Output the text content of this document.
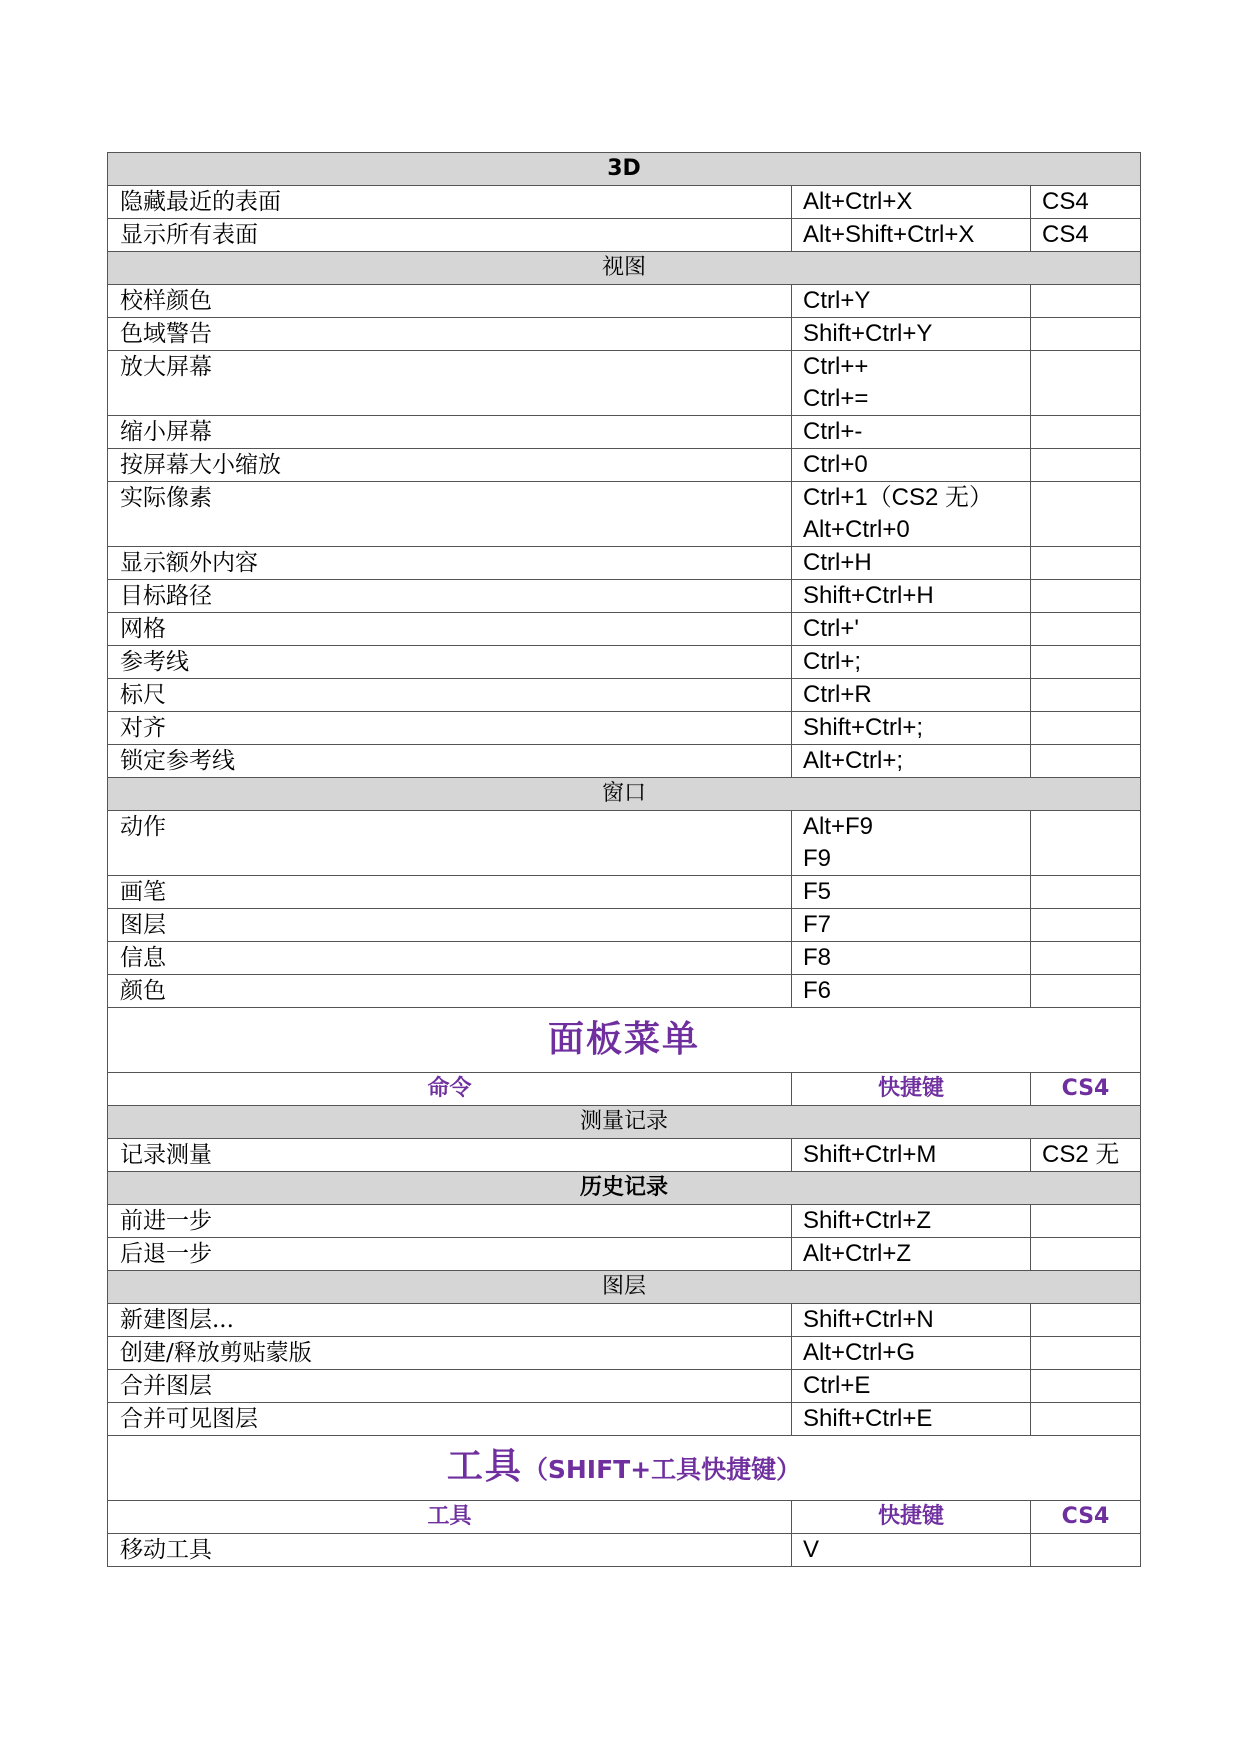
3D		
隐藏最近的表面	Alt+Ctrl+X	CS4
显示所有表面	Alt+Shift+Ctrl+X	CS4
视图		
校样颜色	Ctrl+Y	

色域警告	Shift+Ctrl+Y	

放大屏幕	Ctrl++
Ctrl+=	

缩小屏幕	Ctrl+-	

按屏幕大小缩放	Ctrl+0	

实际像素	Ctrl+1（CS2 无）
Alt+Ctrl+0	

显示额外内容	Ctrl+H	

目标路径	Shift+Ctrl+H	

网格	Ctrl+'	

参考线	Ctrl+;	

标尺	Ctrl+R	

对齐	Shift+Ctrl+;	

锁定参考线	Alt+Ctrl+;	

窗口		
动作	Alt+F9
F9	

画笔	F5	

图层	F7	

信息	F8	

颜色	F6	

面板菜单		
命令	快捷键	CS4
测量记录		
记录测量	Shift+Ctrl+M	CS2 无
历史记录		
前进一步	Shift+Ctrl+Z	

后退一步	Alt+Ctrl+Z	

图层		
新建图层...	Shift+Ctrl+N	

创建/释放剪贴蒙版	Alt+Ctrl+G	

合并图层	Ctrl+E	

合并可见图层	Shift+Ctrl+E	

工具（SHIFT+工具快捷键）		
工具	快捷键	CS4
移动工具	V	
